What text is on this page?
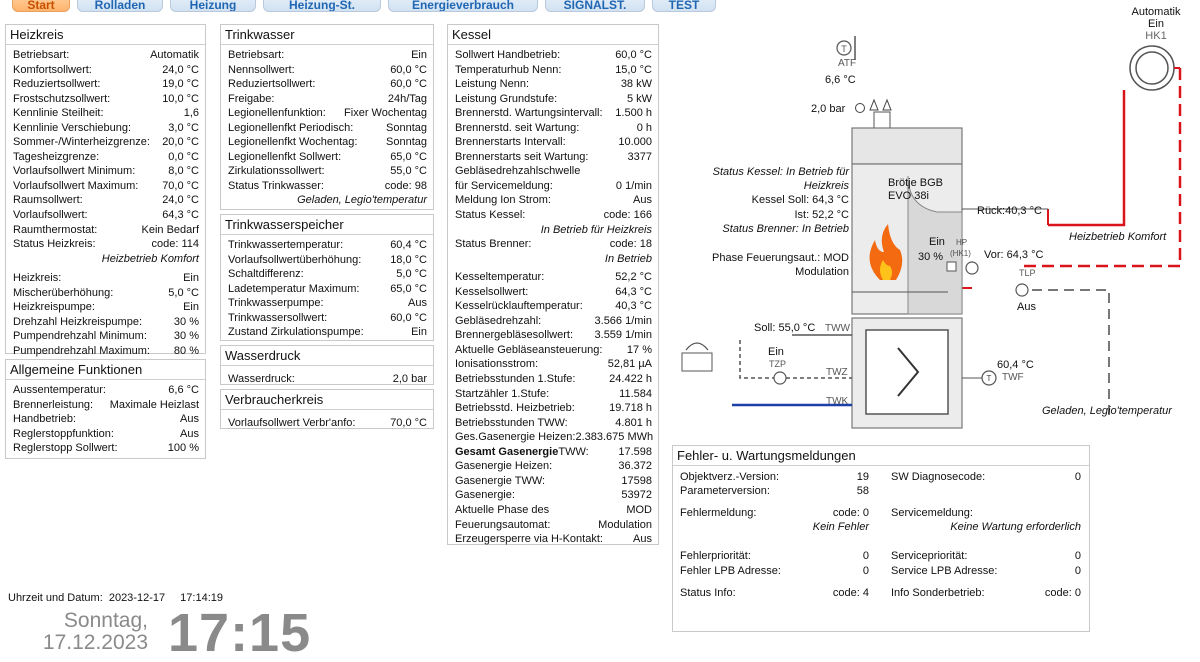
Start	Rolladen	Heizung	Heizung-St.	Energieverbrauch	SIGNALST.	TEST
Heizkreis
Betriebsart:	Automatik
Komfortsollwert:	24,0 °C
Reduziertsollwert:	19,0 °C
Frostschutzsollwert:	10,0 °C
Kennlinie Steilheit:	1,6
Kennlinie Verschiebung:	3,0 °C
Sommer-/Winterheizgrenze: 20,0 °C
Tagesheizgrenze:	0,0 °C
Vorlaufsollwert Minimum:	8,0 °C
Vorlaufsollwert Maximum: 70,0 °C
Raumsollwert:	24,0 °C
Vorlaufsollwert:	64,3 °C
Raumthermostat:	Kein Bedarf
Status Heizkreis:	code: 114
Heizbetrieb Komfort
Heizkreis:	Ein
Mischerüberhöhung:	5,0 °C
Heizkreispumpe:	Ein
Drehzahl Heizkreispumpe:	30 %
Pumpendrehzahl Minimum: 30 %
Pumpendrehzahl Maximum: 80 %
Allgemeine Funktionen
Aussentemperatur:	6,6 °C
Brennerleistung: Maximale Heizlast
Handbetrieb:	Aus
Reglerstoppfunktion:	Aus
Reglerstopp Sollwert:	100 %
Trinkwasser
Betriebsart:	Ein
Nennsollwert:	60,0 °C
Reduziertsollwert:	60,0 °C
Freigabe:	24h/Tag
Legionellenfunktion: Fixer Wochentag
Legionellenfkt Periodisch:	Sonntag
Legionellenfkt Wochentag:	Sonntag
Legionellenfkt Sollwert:	65,0 °C
Zirkulationssollwert:	55,0 °C
Status Trinkwasser:	code: 98
Geladen, Legio'temperatur
Trinkwasserspeicher
Trinkwassertemperatur:	60,4 °C
Vorlaufsollwertüberhöhung:	18,0 °C
Schaltdifferenz:	5,0 °C
Ladetemperatur Maximum:	65,0 °C
Trinkwasserpumpe:	Aus
Trinkwassersollwert:	60,0 °C
Zustand Zirkulationspumpe:	Ein
Wasserdruck
Wasserdruck:	2,0 bar
Verbraucherkreis
Vorlaufsollwert Verbr'anfo:	70,0 °C
Kessel
Sollwert Handbetrieb:	60,0 °C
Temperaturhub Nenn:	15,0 °C
Leistung Nenn:	38 kW
Leistung Grundstufe:	5 kW
Brennerstd. Wartungsintervall: 1.500 h
Brennerstd. seit Wartung:	0 h
Brennerstarts Intervall:	10.000
Brennerstarts seit Wartung:	3377
Gebläsedrehzahlschwelle
für Servicemeldung:	0 1/min
Meldung Ion Strom:	Aus
Status Kessel:	code: 166
In Betrieb für Heizkreis
Status Brenner:	code: 18
In Betrieb
Kesseltemperatur:	52,2 °C
Kesselsollwert:	64,3 °C
Kesselrücklauftemperatur:	40,3 °C
Gebläsedrehzahl:	3.566 1/min
Brennergebläsesollwert: 3.559 1/min
Aktuelle Gebläseansteuerung: 17 %
Ionisationsstrom:	52,81 µA
Betriebsstunden 1.Stufe:	24.422 h
Startzähler 1.Stufe:	11.584
Betriebsstd. Heizbetrieb:	19.718 h
Betriebsstunden TWW:	4.801 h
Ges.Gasenergie Heizen: 2.383.675 MWh
Gesamt GasenergieTWW:	17.598
Gasenergie Heizen:	36.372
Gasenergie TWW:	17598
Gasenergie:	53972
Aktuelle Phase des	MOD
Feuerungsautomat:	Modulation
Erzeugersperre via H-Kontakt:	Aus
Fehler- u. Wartungsmeldungen
Objektverz.-Version:	19 SW Diagnosecode:	0
Parameterversion:	58
Fehlermeldung:	code: 0 Servicemeldung:
Kein Fehler	Keine Wartung erforderlich
Fehlerpriorität:	0 Servicepriorität:	0
Fehler LPB Adresse:	0 Service LPB Adresse:	0
Status Info:	code: 4 Info Sonderbetrieb:	code: 0
Uhrzeit und Datum: 2023-12-17 17:14:19
Sonntag,
17.12.2023 17:15
T
T
Automatik
Ein
HK1
ATF
6,6 °C
2,0 bar
Status Kessel: In Betrieb für
Heizkreis
Kessel Soll: 64,3 °C
Ist: 52,2 °C
Status Brenner: In Betrieb
Phase Feuerungsaut.: MOD
Modulation
Brötje BGB
EVO 38i
Rück:40,3 °C
Heizbetrieb Komfort
Ein
30 %
HP
(HK1) Vor: 64,3 °C
TLP
Aus
Soll: 55,0 °C TWW
Ein
TZP
TWZ
TWK
60,4 °C
TWF
Geladen, Legio'temperatur
